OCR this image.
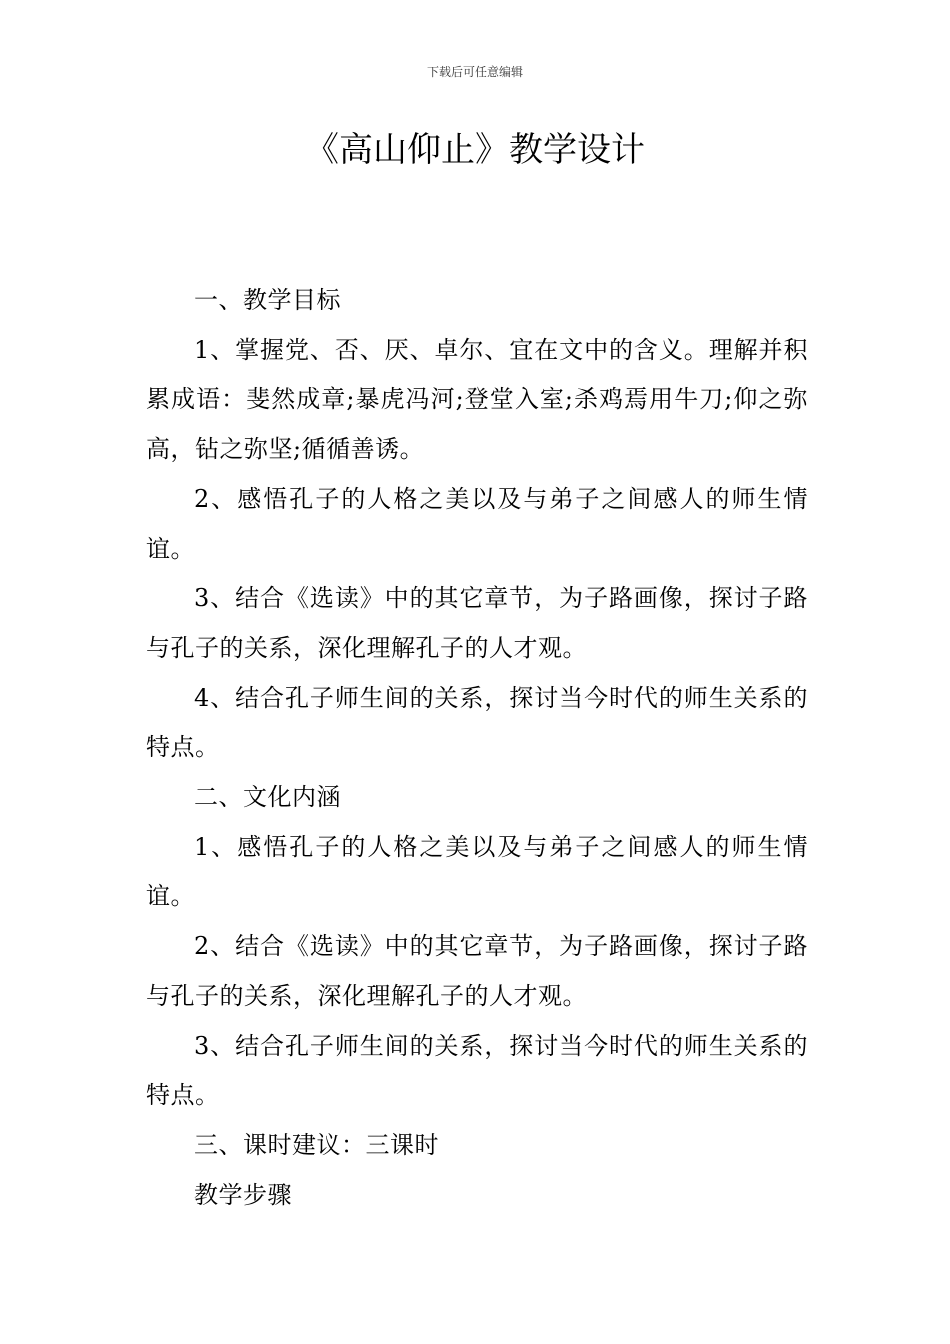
下载后可任意编辑
《高山仰止》教学设计

一、教学目标

1、掌握党、否、厌、卓尔、宜在文中的含义。理解并积累成语：斐然成章;暴虎冯河;登堂入室;杀鸡焉用牛刀;仰之弥高，钻之弥坚;循循善诱。

2、感悟孔子的人格之美以及与弟子之间感人的师生情谊。

3、结合《选读》中的其它章节，为子路画像，探讨子路与孔子的关系，深化理解孔子的人才观。

4、结合孔子师生间的关系，探讨当今时代的师生关系的特点。

二、文化内涵

1、感悟孔子的人格之美以及与弟子之间感人的师生情谊。

2、结合《选读》中的其它章节，为子路画像，探讨子路与孔子的关系，深化理解孔子的人才观。

3、结合孔子师生间的关系，探讨当今时代的师生关系的特点。

三、课时建议：三课时

教学步骤
